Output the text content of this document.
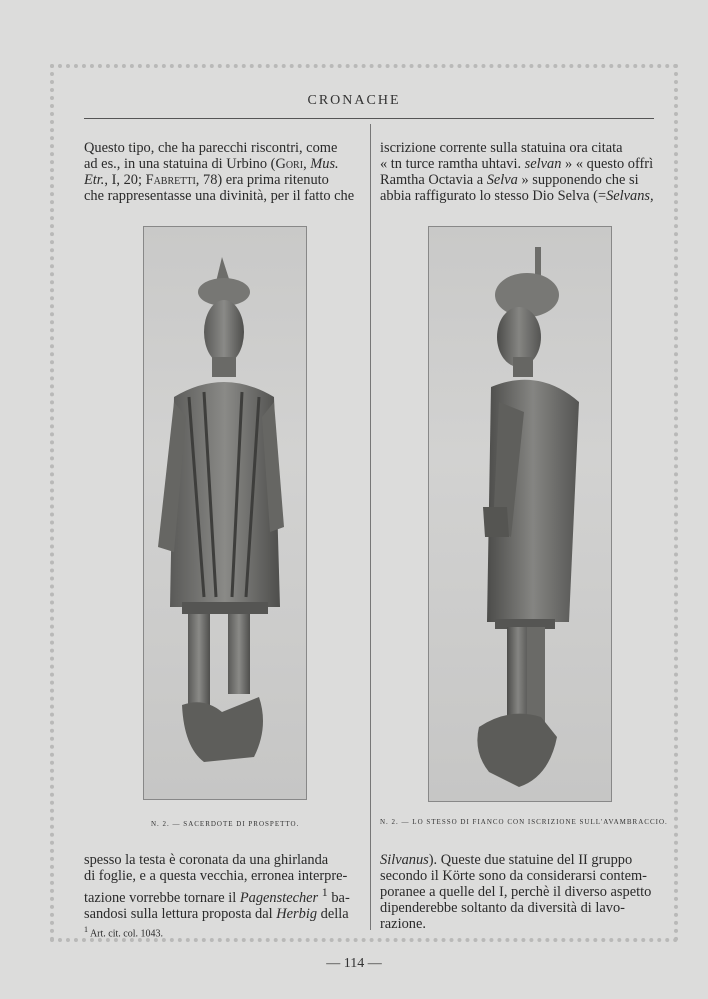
CRONACHE
Questo tipo, che ha parecchi riscontri, come
ad es., in una statuina di Urbino (Gori, Mus.
Etr., I, 20; Fabretti, 78) era prima ritenuto
che rappresentasse una divinità, per il fatto che
iscrizione corrente sulla statuina ora citata
« tn turce ramtha uhtavi. selvan » « questo offrì
Ramtha Octavia a Selva » supponendo che si
abbia raffigurato lo stesso Dio Selva (=Selvans,
N. 2. — SACERDOTE DI PROSPETTO.	N. 2. — LO STESSO DI FIANCO CON ISCRIZIONE SULL'AVAMBRACCIO.
spesso la testa è coronata da una ghirlanda
di foglie, e a questa vecchia, erronea interpre-
tazione vorrebbe tornare il Pagenstecher $^1$ ba-
sandosi sulla lettura proposta dal Herbig della
$^1$ Art. cit. col. 1043.
Silvanus). Queste due statuine del II gruppo
secondo il Körte sono da considerarsi contem-
poranee a quelle del I, perchè il diverso aspetto
dipenderebbe soltanto da diversità di lavo-
razione.
— 114 —
